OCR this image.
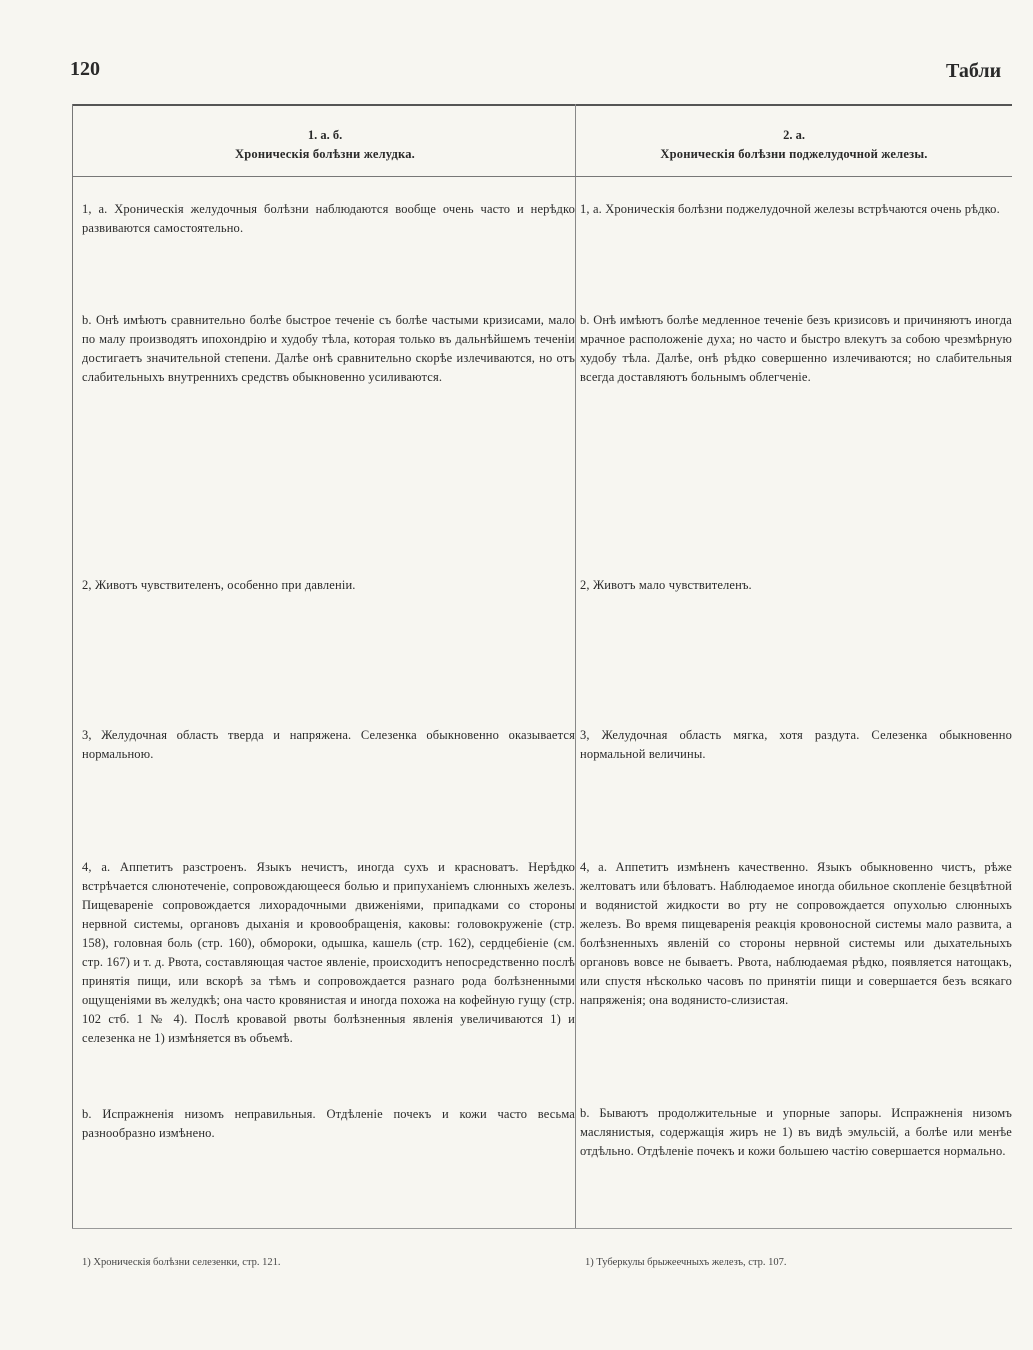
120	Табли
1. а. б.
Хроническія болѣзни желудка.
2. а.
Хроническія болѣзни поджелудочной железы.
1, а. Хроническія желудочныя болѣзни наблюдаются вообще очень часто и нерѣдко развиваются самостоятельно.
b. Онѣ имѣютъ сравнительно болѣе быстрое теченіе съ болѣе частыми кризисами, мало по малу производятъ ипохондрію и худобу тѣла, которая только въ дальнѣйшемъ теченіи достигаетъ значительной степени. Далѣе онѣ сравнительно скорѣе излечиваются, но отъ слабительныхъ внутреннихъ средствъ обыкновенно усиливаются.
2, Животъ чувствителенъ, особенно при давленіи.
3, Желудочная область тверда и напряжена. Селезенка обыкновенно оказывается нормальною.
4, а. Аппетитъ разстроенъ. Языкъ нечистъ, иногда сухъ и красноватъ. Нерѣдко встрѣчается слюнотеченіе, сопровождающееся болью и припуханіемъ слюнныхъ железъ. Пищевареніе сопровождается лихорадочными движеніями, припадками со стороны нервной системы, органовъ дыханія и кровообращенія, каковы: головокруженіе (стр. 158), головная боль (стр. 160), обмороки, одышка, кашель (стр. 162), сердцебіеніе (см. стр. 167) и т. д. Рвота, составляющая частое явленіе, происходитъ непосредственно послѣ принятія пищи, или вскорѣ за тѣмъ и сопровождается разнаго рода болѣзненными ощущеніями въ желудкѣ; она часто кровянистая и иногда похожа на кофейную гущу (стр. 102 стб. 1 № 4). Послѣ кровавой рвоты болѣзненныя явленія увеличиваются 1) и селезенка не 1) измѣняется въ объемѣ.
b. Испражненія низомъ неправильныя. Отдѣленіе почекъ и кожи часто весьма разнообразно измѣнено.
1, а. Хроническія болѣзни поджелудочной железы встрѣчаются очень рѣдко.
b. Онѣ имѣютъ болѣе медленное теченіе безъ кризисовъ и причиняютъ иногда мрачное расположеніе духа; но часто и быстро влекутъ за собою чрезмѣрную худобу тѣла. Далѣе, онѣ рѣдко совершенно излечиваются; но слабительныя всегда доставляютъ больнымъ облегченіе.
2, Животъ мало чувствителенъ.
3, Желудочная область мягка, хотя раздута. Селезенка обыкновенно нормальной величины.
4, а. Аппетитъ измѣненъ качественно. Языкъ обыкновенно чистъ, рѣже желтоватъ или бѣловатъ. Наблюдаемое иногда обильное скопленіе безцвѣтной и водянистой жидкости во рту не сопровождается опухолью слюнныхъ железъ. Во время пищеваренія реакція кровоносной системы мало развита, а болѣзненныхъ явленій со стороны нервной системы или дыхательныхъ органовъ вовсе не бываетъ. Рвота, наблюдаемая рѣдко, появляется натощакъ, или спустя нѣсколько часовъ по принятіи пищи и совершается безъ всякаго напряженія; она водянисто-слизистая.
b. Бываютъ продолжительные и упорные запоры. Испражненія низомъ маслянистыя, содержащія жиръ не 1) въ видѣ эмульсій, а болѣе или менѣе отдѣльно. Отдѣленіе почекъ и кожи большею частію совершается нормально.
1) Хроническія болѣзни селезенки, стр. 121.	1) Туберкулы брыжеечныхъ железъ, стр. 107.
